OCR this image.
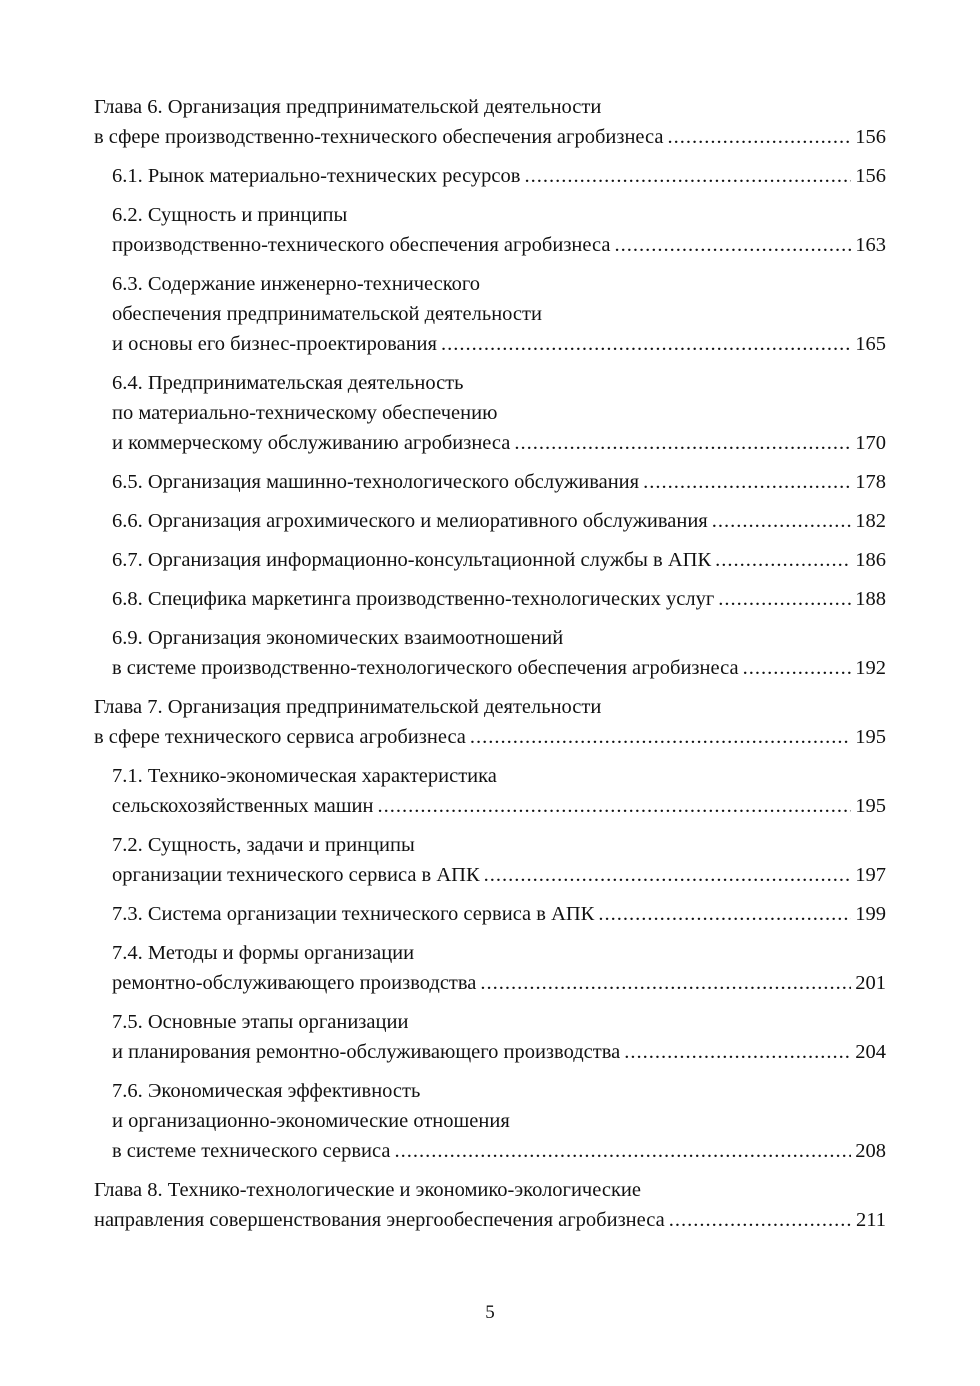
Глава 6. Организация предпринимательской деятельности
в сфере производственно-технического обеспечения агробизнеса .....	156
6.1. Рынок материально-технических ресурсов .....	156
6.2. Сущность и принципы
производственно-технического обеспечения агробизнеса .....	163
6.3. Содержание инженерно-технического
обеспечения предпринимательской деятельности
и основы его бизнес-проектирования .....	165
6.4. Предпринимательская деятельность
по материально-техническому обеспечению
и коммерческому обслуживанию агробизнеса .....	170
6.5. Организация машинно-технологического обслуживания .....	178
6.6. Организация агрохимического и мелиоративного обслуживания .....	182
6.7. Организация информационно-консультационной службы в АПК .....	186
6.8. Специфика маркетинга производственно-технологических услуг .....	188
6.9. Организация экономических взаимоотношений
в системе производственно-технологического обеспечения агробизнеса .....	192
Глава 7. Организация предпринимательской деятельности
в сфере технического сервиса агробизнеса .....	195
7.1. Технико-экономическая характеристика
сельскохозяйственных машин .....	195
7.2. Сущность, задачи и принципы
организации технического сервиса в АПК .....	197
7.3. Система организации технического сервиса в АПК .....	199
7.4. Методы и формы организации
ремонтно-обслуживающего производства .....	201
7.5. Основные этапы организации
и планирования ремонтно-обслуживающего производства .....	204
7.6. Экономическая эффективность
и организационно-экономические отношения
в системе технического сервиса .....	208
Глава 8. Технико-технологические и экономико-экологические
направления совершенствования энергообеспечения агробизнеса .....	211
5
